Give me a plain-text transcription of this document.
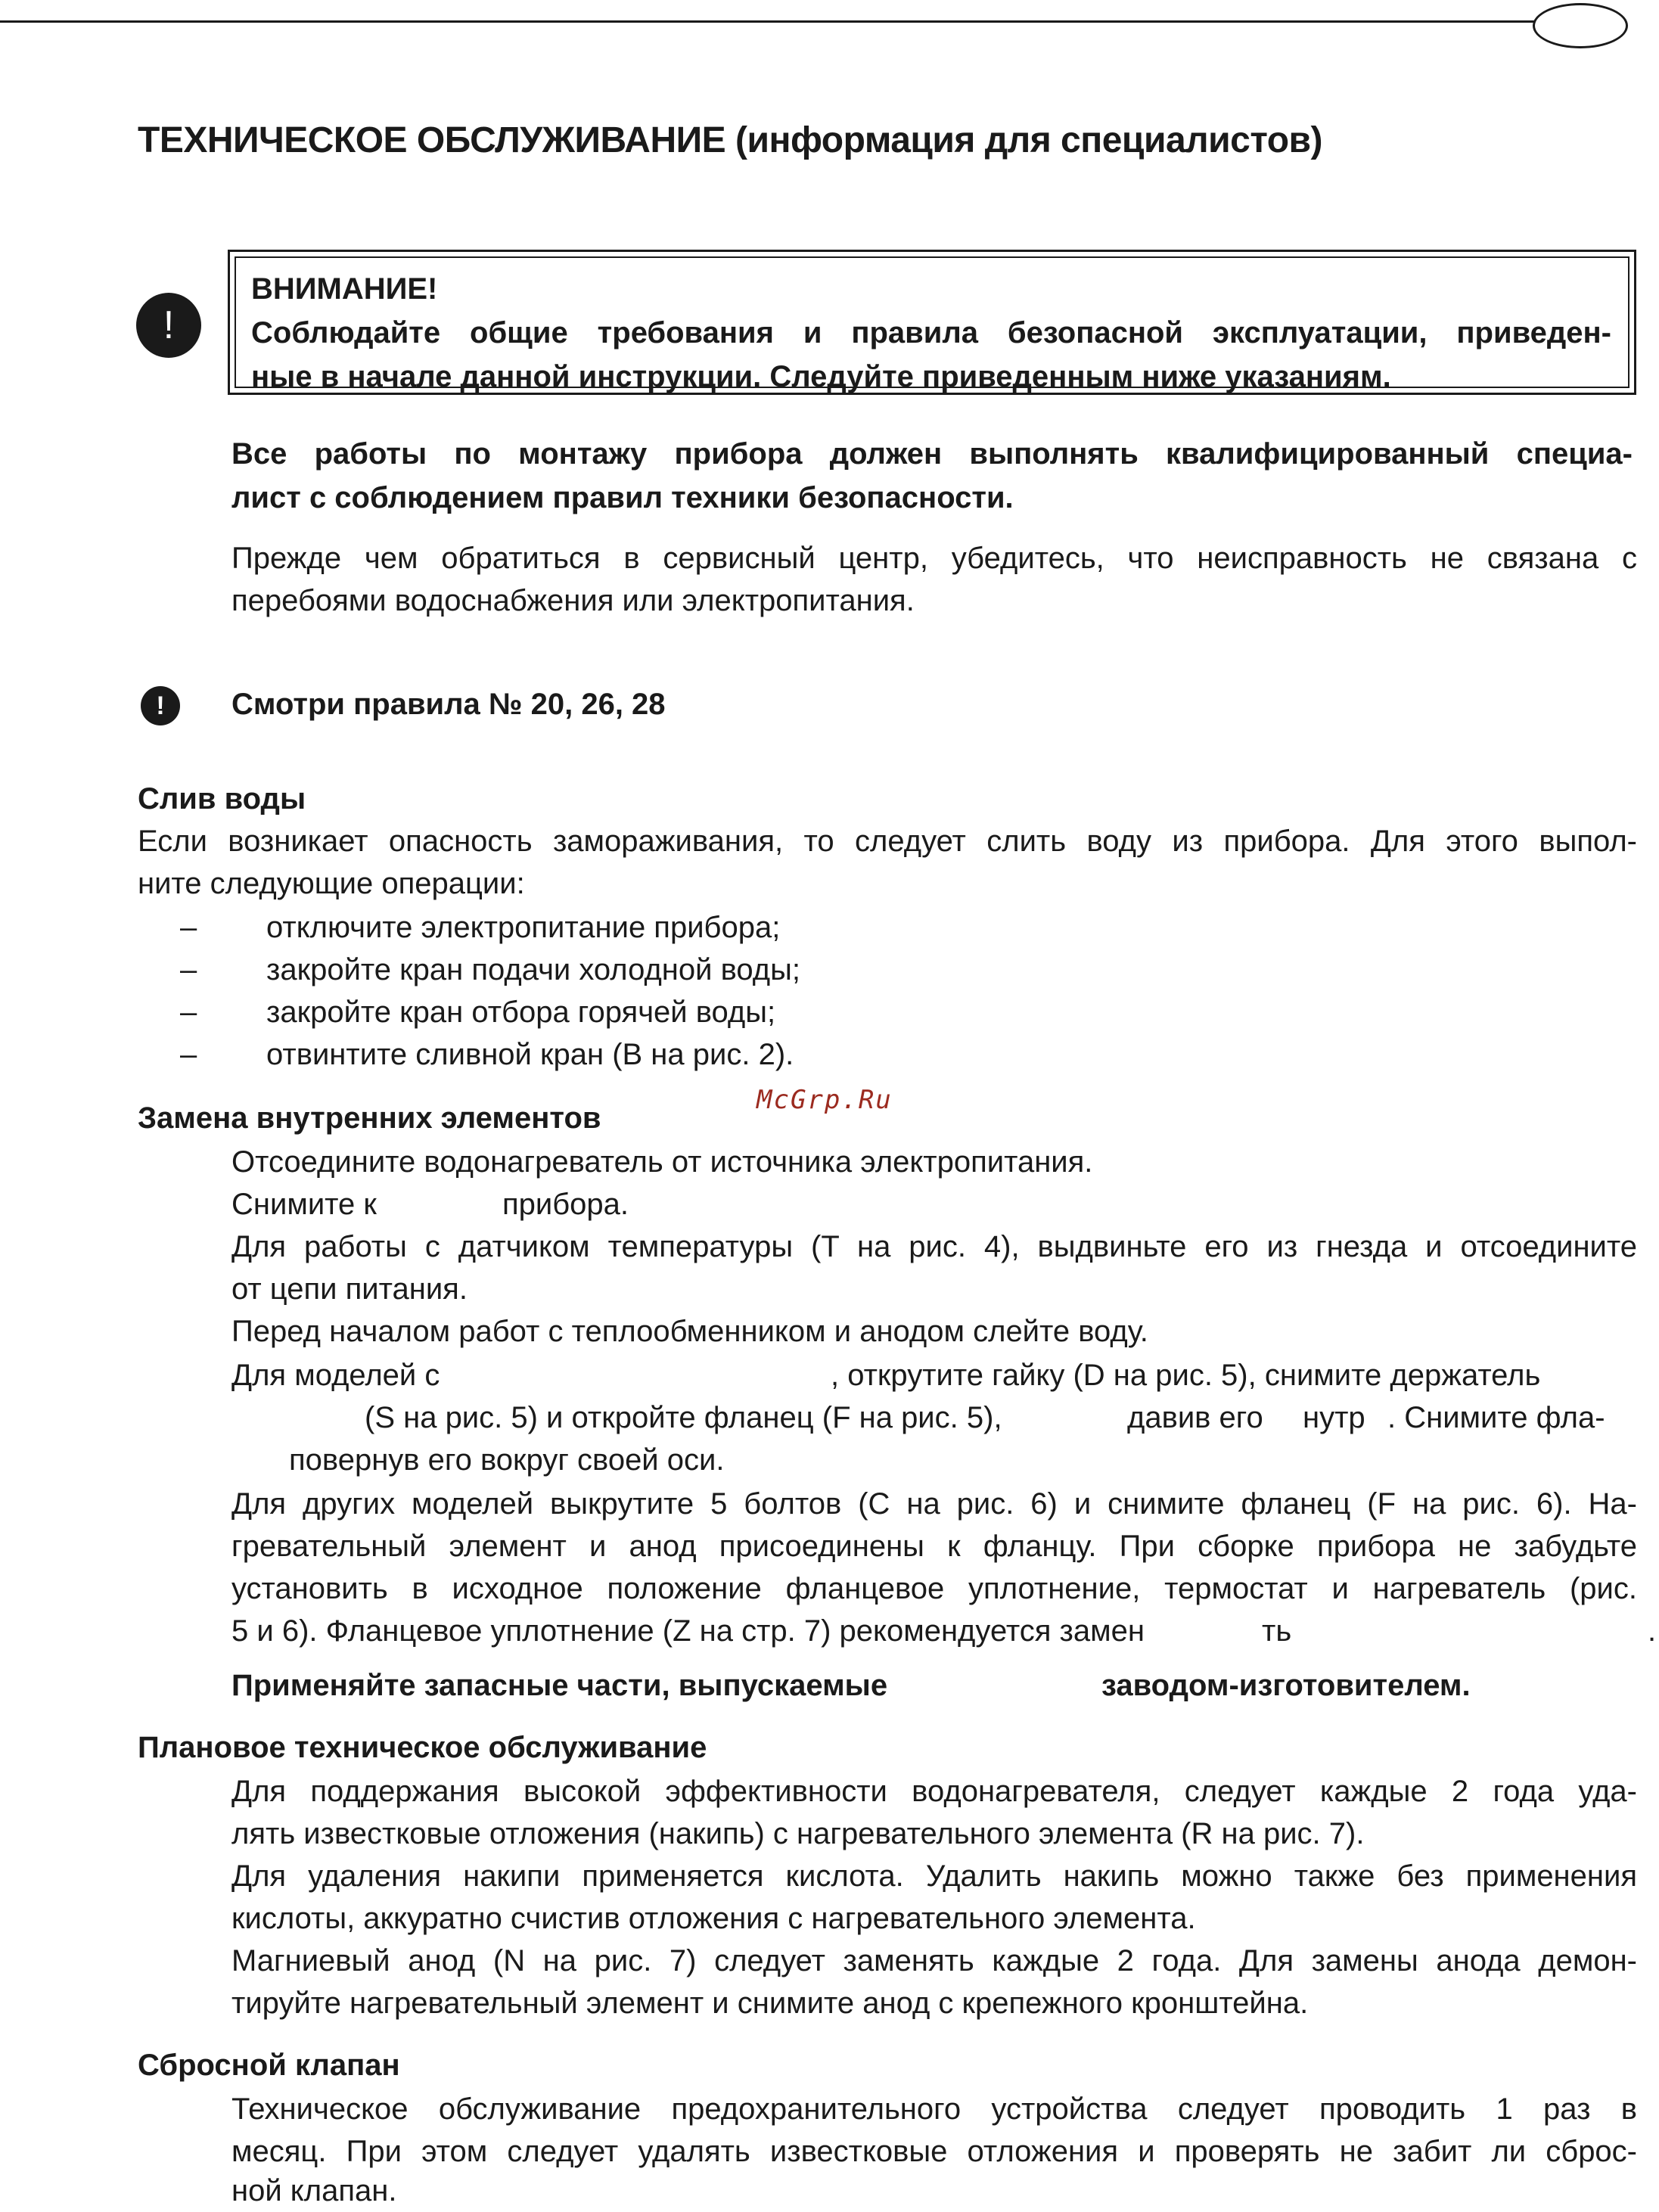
ТЕХНИЧЕСКОЕ ОБСЛУЖИВАНИЕ (информация для специалистов)
!
ВНИМАНИЕ!
Соблюдайте общие требования и правила безопасной эксплуатации, приведен-
ные в начале данной инструкции. Следуйте приведенным ниже указаниям.
Все работы по монтажу прибора должен выполнять квалифицированный специа-
лист с соблюдением правил техники безопасности.
Прежде чем обратиться в сервисный центр, убедитесь, что неисправность не связана с
перебоями водоснабжения или электропитания.
!	Смотри правила № 20, 26, 28
Слив воды
Если возникает опасность замораживания, то следует слить воду из прибора. Для этого выпол-
ните следующие операции:
– отключите электропитание прибора;
– закройте кран подачи холодной воды;
– закройте кран отбора горячей воды;
– отвинтите сливной кран (B на рис. 2).
McGrp.Ru
Замена внутренних элементов
Отсоедините водонагреватель от источника электропитания.
Снимите к	прибора.
Для работы с датчиком температуры (T на рис. 4), выдвиньте его из гнезда и отсоедините
от цепи питания.
Перед началом работ с теплообменником и анодом слейте воду.
Для моделей с	, открутите гайку (D на рис. 5), снимите держатель
(S на рис. 5) и откройте фланец (F на рис. 5),	давив его нутр . Снимите фла-
повернув его вокруг своей оси.
Для других моделей выкрутите 5 болтов (С на рис. 6) и снимите фланец (F на рис. 6). На-
гревательный элемент и анод присоединены к фланцу. При сборке прибора не забудьте
установить в исходное положение фланцевое уплотнение, термостат и нагреватель (рис.
5 и 6). Фланцевое уплотнение (Z на стр. 7) рекомендуется замен	ть	.
Применяйте запасные части, выпускаемые	заводом-изготовителем.
Плановое техническое обслуживание
Для поддержания высокой эффективности водонагревателя, следует каждые 2 года уда-
лять известковые отложения (накипь) с нагревательного элемента (R на рис. 7).
Для удаления накипи применяется кислота. Удалить накипь можно также без применения
кислоты, аккуратно счистив отложения с нагревательного элемента.
Магниевый анод (N на рис. 7) следует заменять каждые 2 года. Для замены анода демон-
тируйте нагревательный элемент и снимите анод с крепежного кронштейна.
Сбросной клапан
Техническое обслуживание предохранительного устройства следует проводить 1 раз в
месяц. При этом следует удалять известковые отложения и проверять не забит ли сброс-
ной клапан.
